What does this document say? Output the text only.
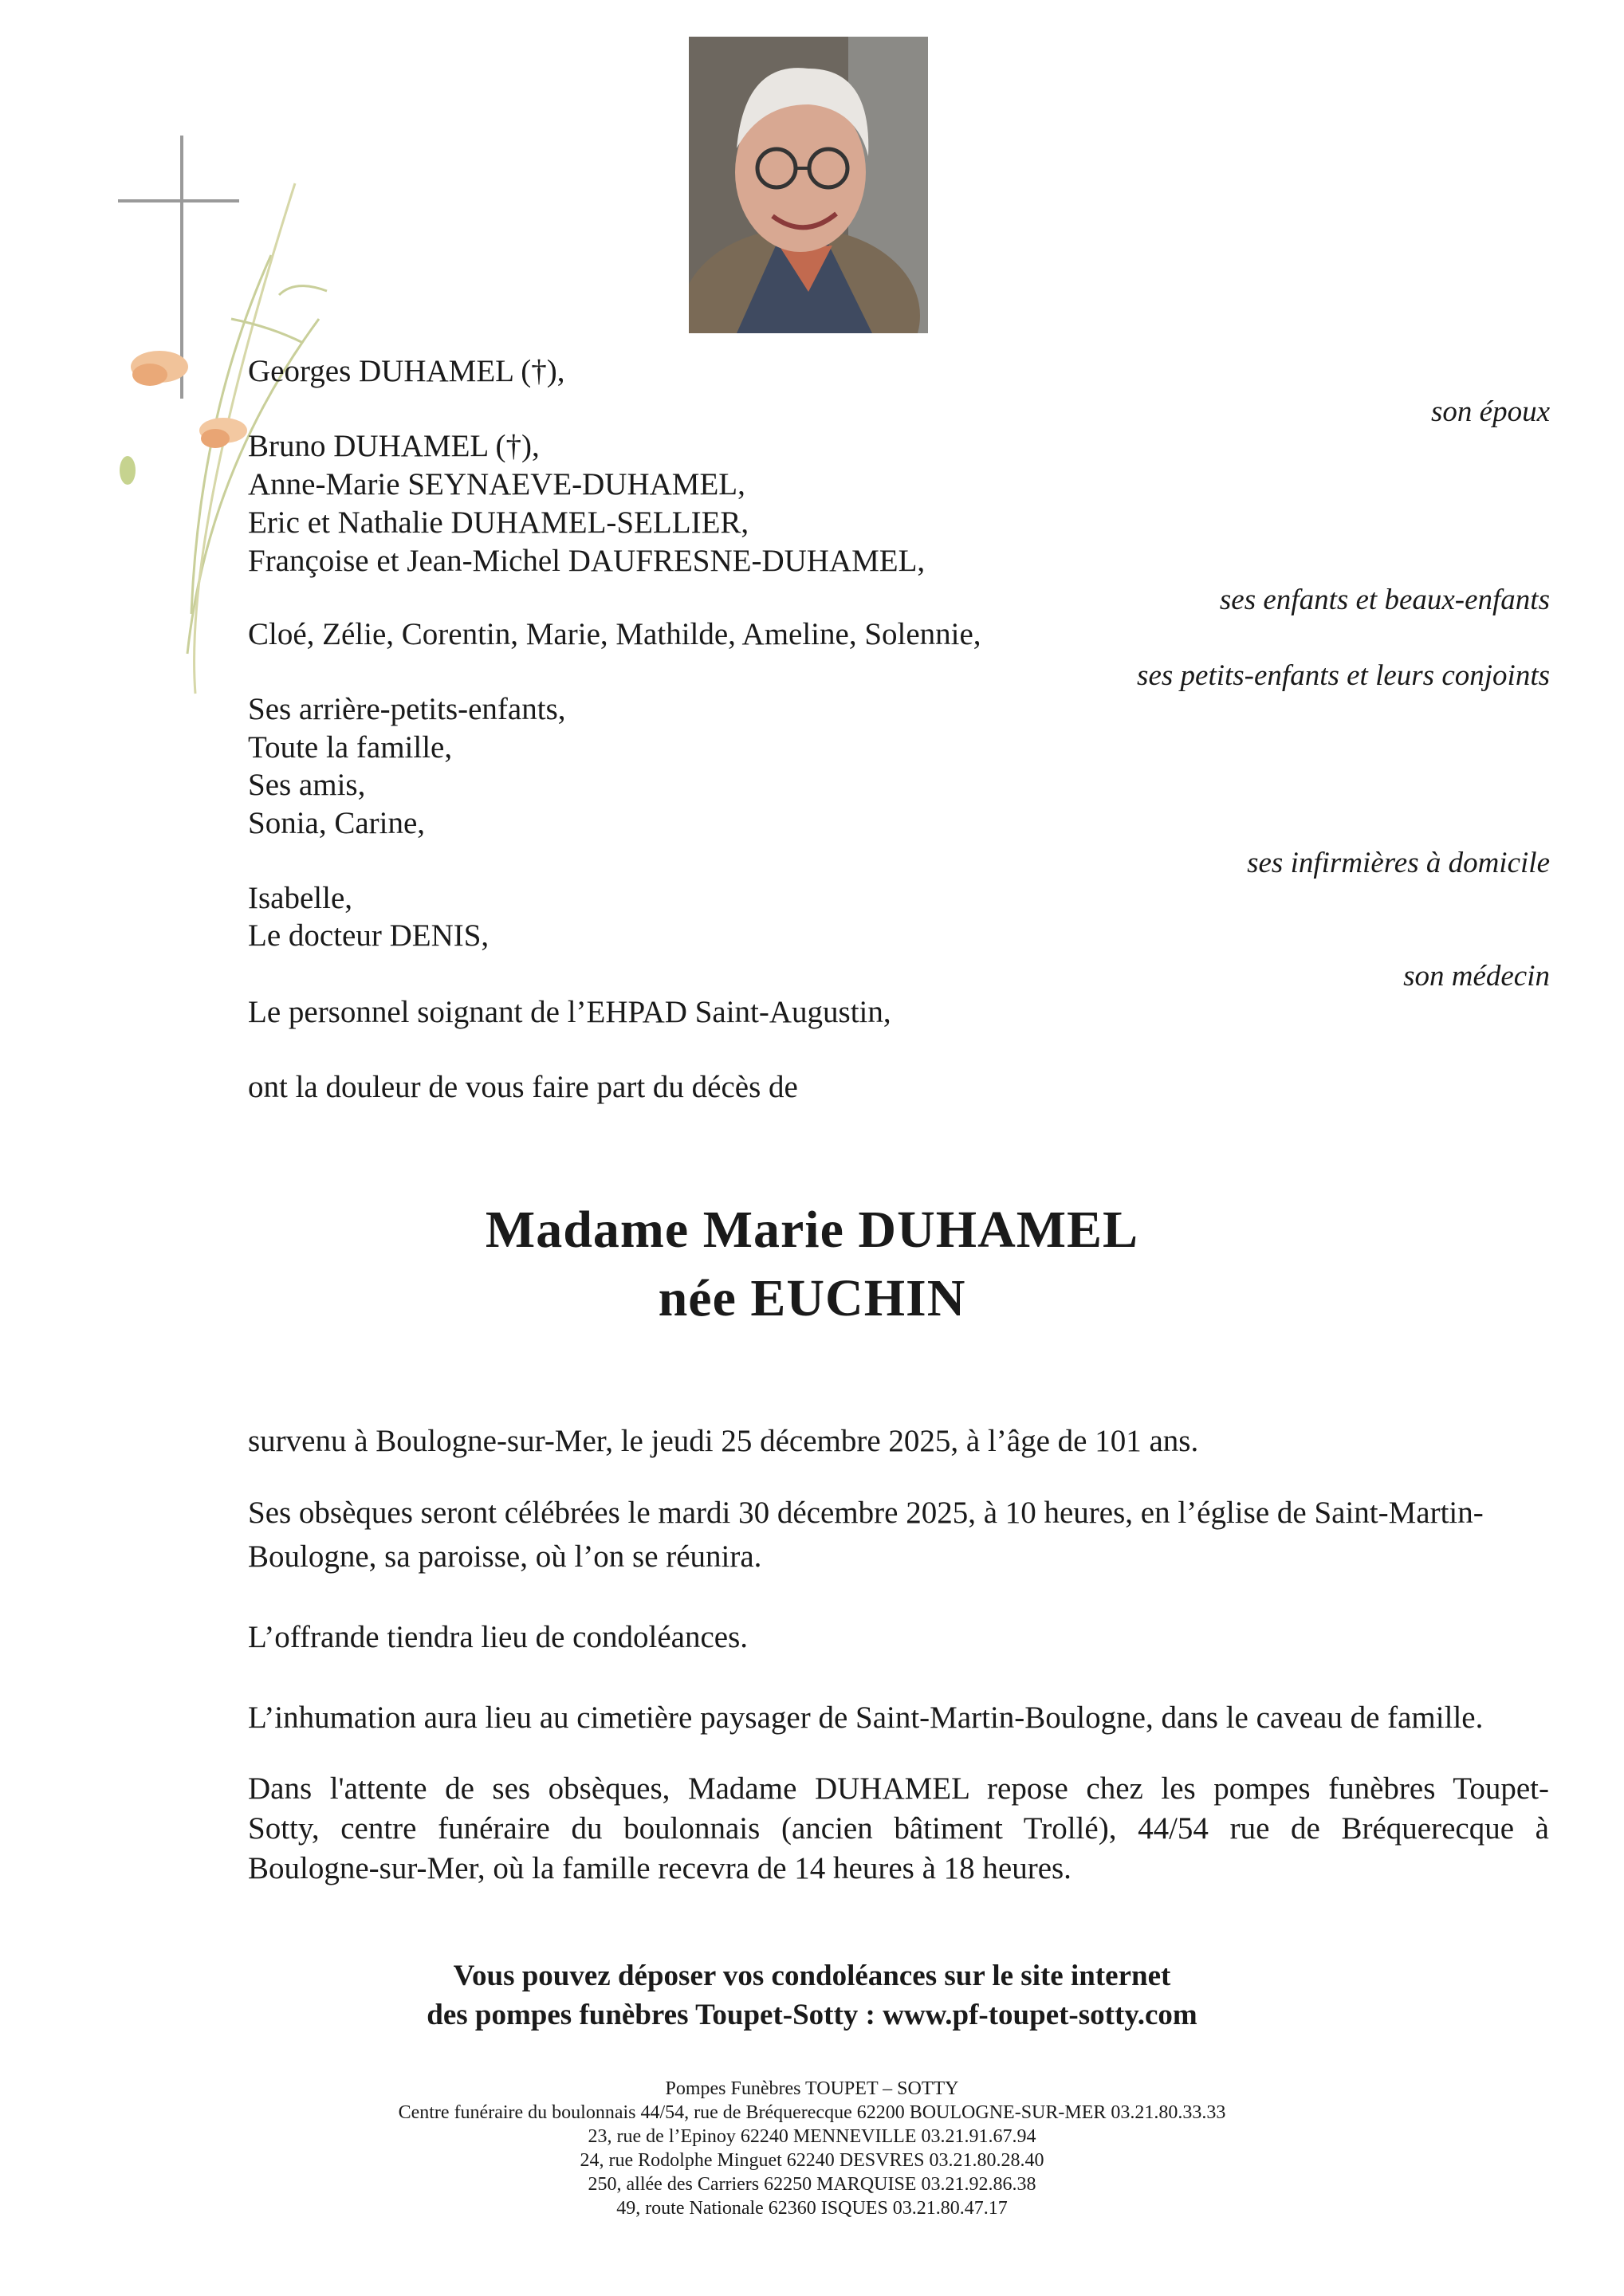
Georges DUHAMEL (†),
Bruno DUHAMEL (†),
Anne-Marie SEYNAEVE-DUHAMEL,
Eric et Nathalie DUHAMEL-SELLIER,
Françoise et Jean-Michel DAUFRESNE-DUHAMEL,
Cloé, Zélie, Corentin, Marie, Mathilde, Ameline, Solennie,
Ses arrière-petits-enfants,
Toute la famille,
Ses amis,
Sonia, Carine,
Isabelle,
Le docteur DENIS,
Le personnel soignant de l’EHPAD Saint-Augustin,
ont la douleur de vous faire part du décès de
son époux
ses enfants et beaux-enfants
ses petits-enfants et leurs conjoints
ses infirmières à domicile
son médecin
Madame Marie DUHAMEL
née EUCHIN
survenu à Boulogne-sur-Mer, le jeudi 25 décembre 2025, à l’âge de 101 ans.
Ses obsèques seront célébrées le mardi 30 décembre 2025, à 10 heures, en l’église de Saint-Martin-
Boulogne, sa paroisse, où l’on se réunira.
L’offrande tiendra lieu de condoléances.
L’inhumation aura lieu au cimetière paysager de Saint-Martin-Boulogne, dans le caveau de famille.
Dans l'attente de ses obsèques, Madame DUHAMEL repose chez les pompes funèbres Toupet-
Sotty, centre funéraire du boulonnais (ancien bâtiment Trollé), 44/54 rue de Bréquerecque à
Boulogne-sur-Mer, où la famille recevra de 14 heures à 18 heures.
Vous pouvez déposer vos condoléances sur le site internet
des pompes funèbres Toupet-Sotty : www.pf-toupet-sotty.com
Pompes Funèbres TOUPET – SOTTY
Centre funéraire du boulonnais 44/54, rue de Bréquerecque 62200 BOULOGNE-SUR-MER 03.21.80.33.33
23, rue de l’Epinoy 62240 MENNEVILLE 03.21.91.67.94
24, rue Rodolphe Minguet 62240 DESVRES 03.21.80.28.40
250, allée des Carriers 62250 MARQUISE 03.21.92.86.38
49, route Nationale 62360 ISQUES 03.21.80.47.17
